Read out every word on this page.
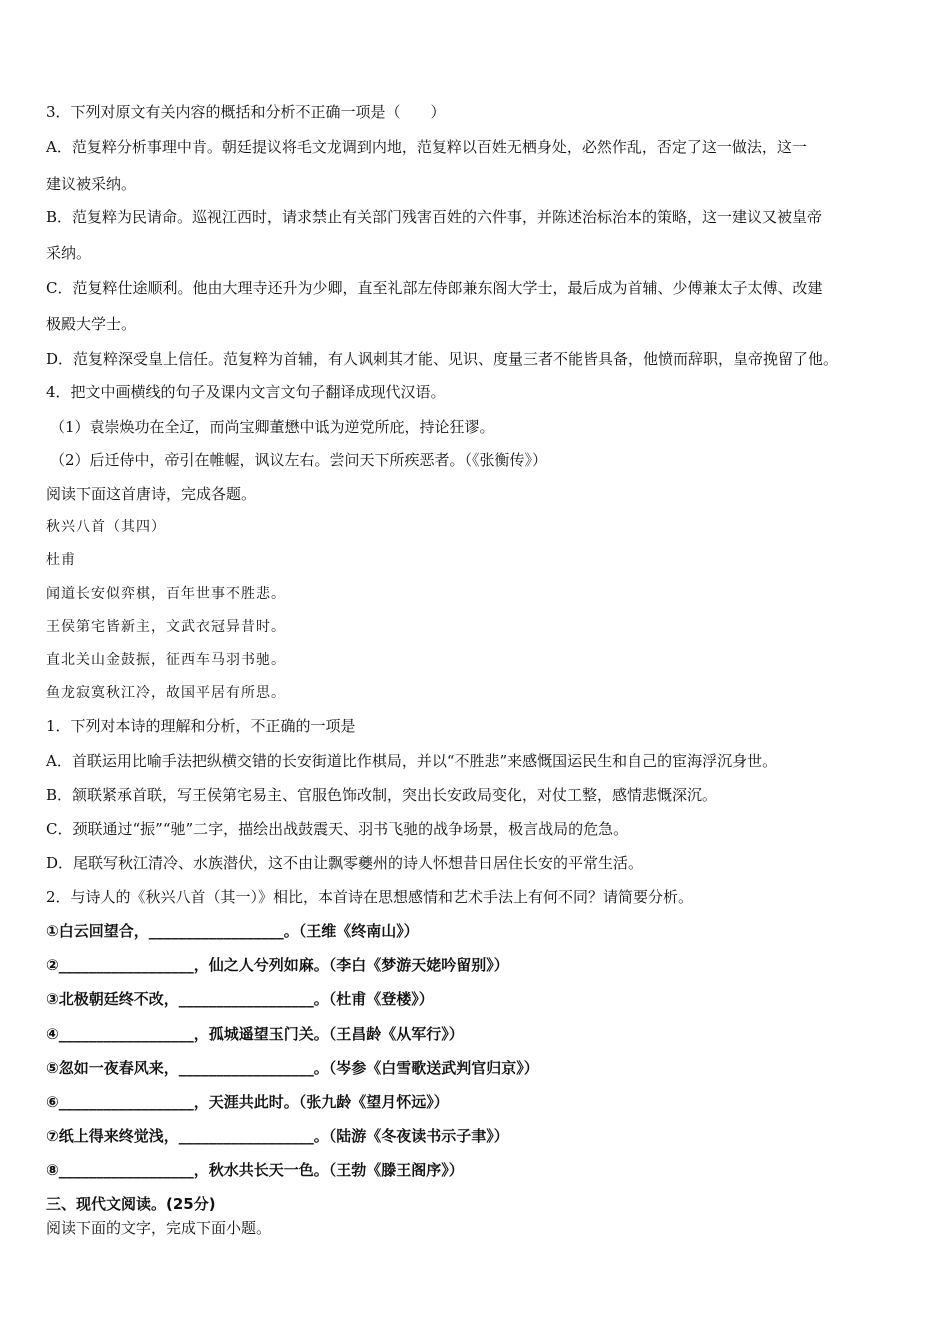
3．下列对原文有关内容的概括和分析不正确一项是（　　）
A．范复粹分析事理中肯。朝廷提议将毛文龙调到内地，范复粹以百姓无栖身处，必然作乱，否定了这一做法，这一
建议被采纳。
B．范复粹为民请命。巡视江西时，请求禁止有关部门残害百姓的六件事，并陈述治标治本的策略，这一建议又被皇帝
采纳。
C．范复粹仕途顺利。他由大理寺还升为少卿，直至礼部左侍郎兼东阁大学士，最后成为首辅、少傅兼太子太傅、改建
极殿大学士。
D．范复粹深受皇上信任。范复粹为首辅，有人讽刺其才能、见识、度量三者不能皆具备，他愤而辞职，皇帝挽留了他。
4．把文中画横线的句子及课内文言文句子翻译成现代汉语。
（1）袁崇焕功在全辽，而尚宝卿董懋中诋为逆党所庇，持论狂谬。
（2）后迁侍中，帝引在帷幄，讽议左右。尝问天下所疾恶者。（《张衡传》）
阅读下面这首唐诗，完成各题。
秋兴八首（其四）
杜甫
闻道长安似弈棋，百年世事不胜悲。
王侯第宅皆新主，文武衣冠异昔时。
直北关山金鼓振，征西车马羽书驰。
鱼龙寂寞秋江冷，故国平居有所思。
1．下列对本诗的理解和分析，不正确的一项是
A．首联运用比喻手法把纵横交错的长安街道比作棋局，并以“不胜悲”来感慨国运民生和自己的宦海浮沉身世。
B．颔联紧承首联，写王侯第宅易主、官服色饰改制，突出长安政局变化，对仗工整，感情悲慨深沉。
C．颈联通过“振”“驰”二字，描绘出战鼓震天、羽书飞驰的战争场景，极言战局的危急。
D．尾联写秋江清冷、水族潜伏，这不由让飘零夔州的诗人怀想昔日居住长安的平常生活。
2．与诗人的《秋兴八首（其一）》相比，本首诗在思想感情和艺术手法上有何不同？请简要分析。
①白云回望合，__________________。（王维《终南山》）
②__________________，仙之人兮列如麻。（李白《梦游天姥吟留别》）
③北极朝廷终不改，__________________。（杜甫《登楼》）
④__________________，孤城遥望玉门关。（王昌龄《从军行》）
⑤忽如一夜春风来，__________________。（岑参《白雪歌送武判官归京》）
⑥__________________，天涯共此时。（张九龄《望月怀远》）
⑦纸上得来终觉浅，__________________。（陆游《冬夜读书示子聿》）
⑧__________________，秋水共长天一色。（王勃《滕王阁序》）
三、现代文阅读。(25分)
阅读下面的文字，完成下面小题。
